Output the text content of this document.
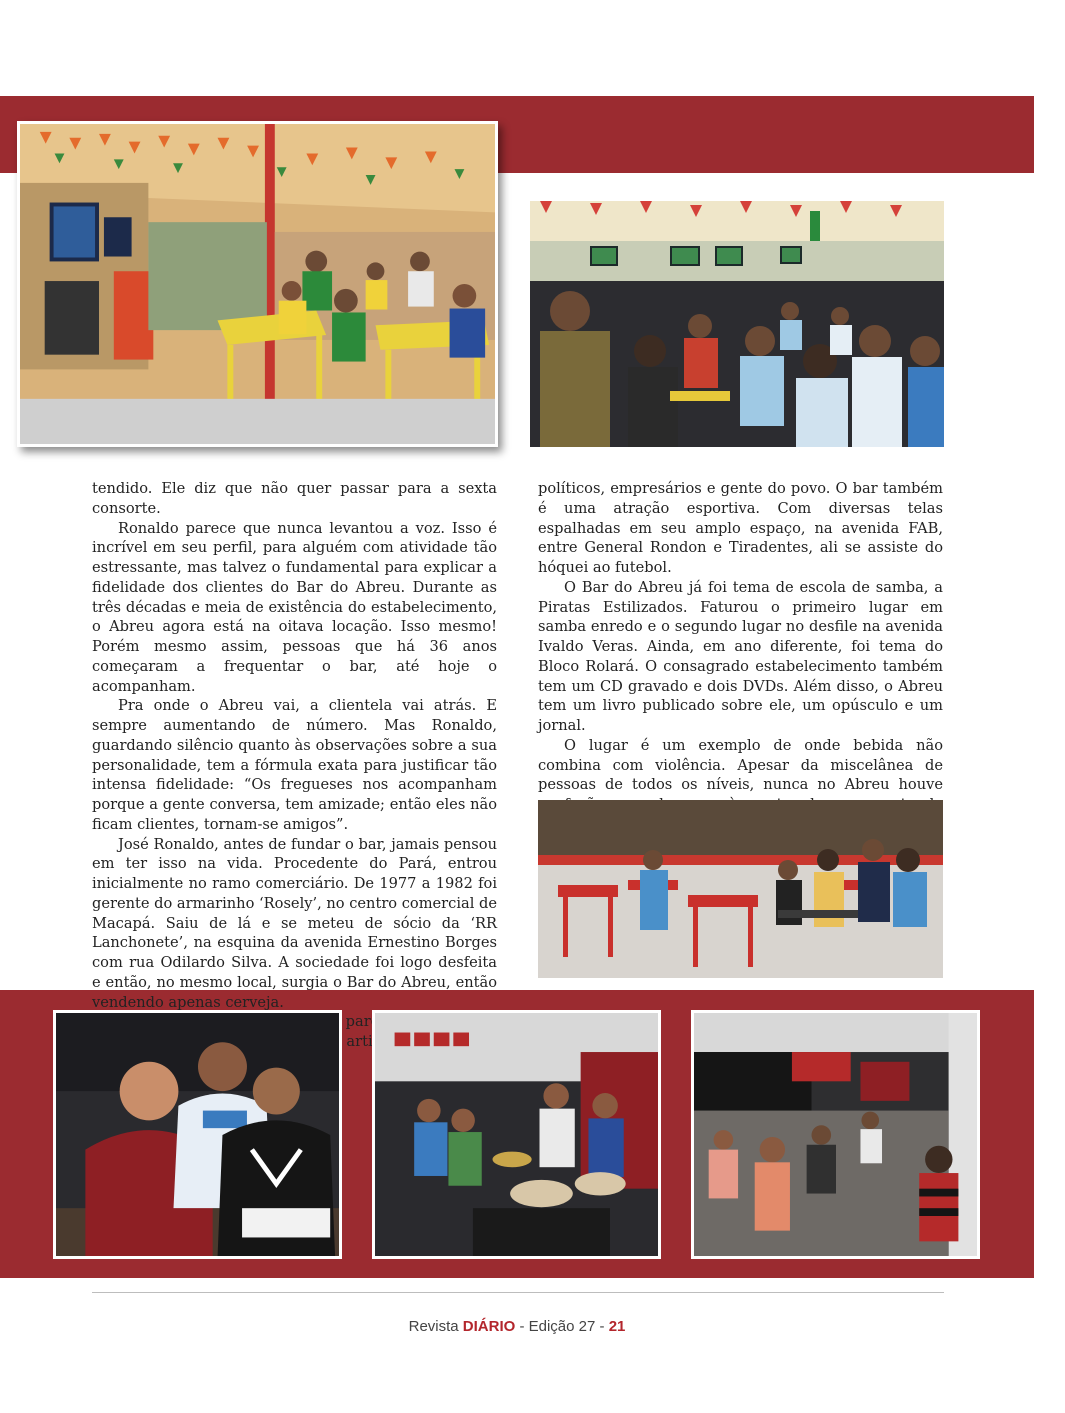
tendido. Ele diz que não quer passar para a sexta consorte.

Ronaldo parece que nunca levantou a voz. Isso é incrível em seu perfil, para alguém com atividade tão estressante, mas talvez o fundamental para explicar a fidelidade dos clientes do Bar do Abreu. Durante as três décadas e meia de existência do estabelecimento, o Abreu agora está na oitava locação. Isso mesmo! Porém mesmo assim, pessoas que há 36 anos começaram a frequentar o bar, até hoje o acompanham.

Pra onde o Abreu vai, a clientela vai atrás. E sempre aumentando de número. Mas Ronaldo, guardando silêncio quanto às observações sobre a sua personalidade, tem a fórmula exata para justificar tão intensa fidelidade: “Os fregueses nos acompanham porque a gente conversa, tem amizade; então eles não ficam clientes, tornam-se amigos”.

José Ronaldo, antes de fundar o bar, jamais pensou em ter isso na vida. Procedente do Pará, entrou inicialmente no ramo comerciário. De 1977 a 1982 foi gerente do armarinho ‘Rosely’, no centro comercial de Macapá. Saiu de lá e se meteu de sócio da ‘RR Lanchonete’, na esquina da avenida Ernestino Borges com rua Odilardo Silva. A sociedade foi logo desfeita e então, no mesmo local, surgia o Bar do Abreu, então vendendo apenas cerveja.

parou,

políticos, empresários e gente do povo. O bar também é uma atração esportiva. Com diversas telas espalhadas em seu amplo espaço, na avenida FAB, entre General Rondon e Tiradentes, ali se assiste do hóquei ao futebol.

O Bar do Abreu já foi tema de escola de samba, a Piratas Estilizados. Faturou o primeiro lugar em samba enredo e o segundo lugar no desfile na avenida Ivaldo Veras. Ainda, em ano diferente, foi tema do Bloco Rolará. O consagrado estabelecimento também tem um CD gravado e dois DVDs. Além disso, o Abreu tem um livro publicado sobre ele, um opúsculo e um jornal.

O lugar é um exemplo de onde bebida não combina com violência. Apesar da miscelânea de pessoas de todos os níveis, nunca no Abreu houve

Revista DIÁRIO - Edição 27 - 21
